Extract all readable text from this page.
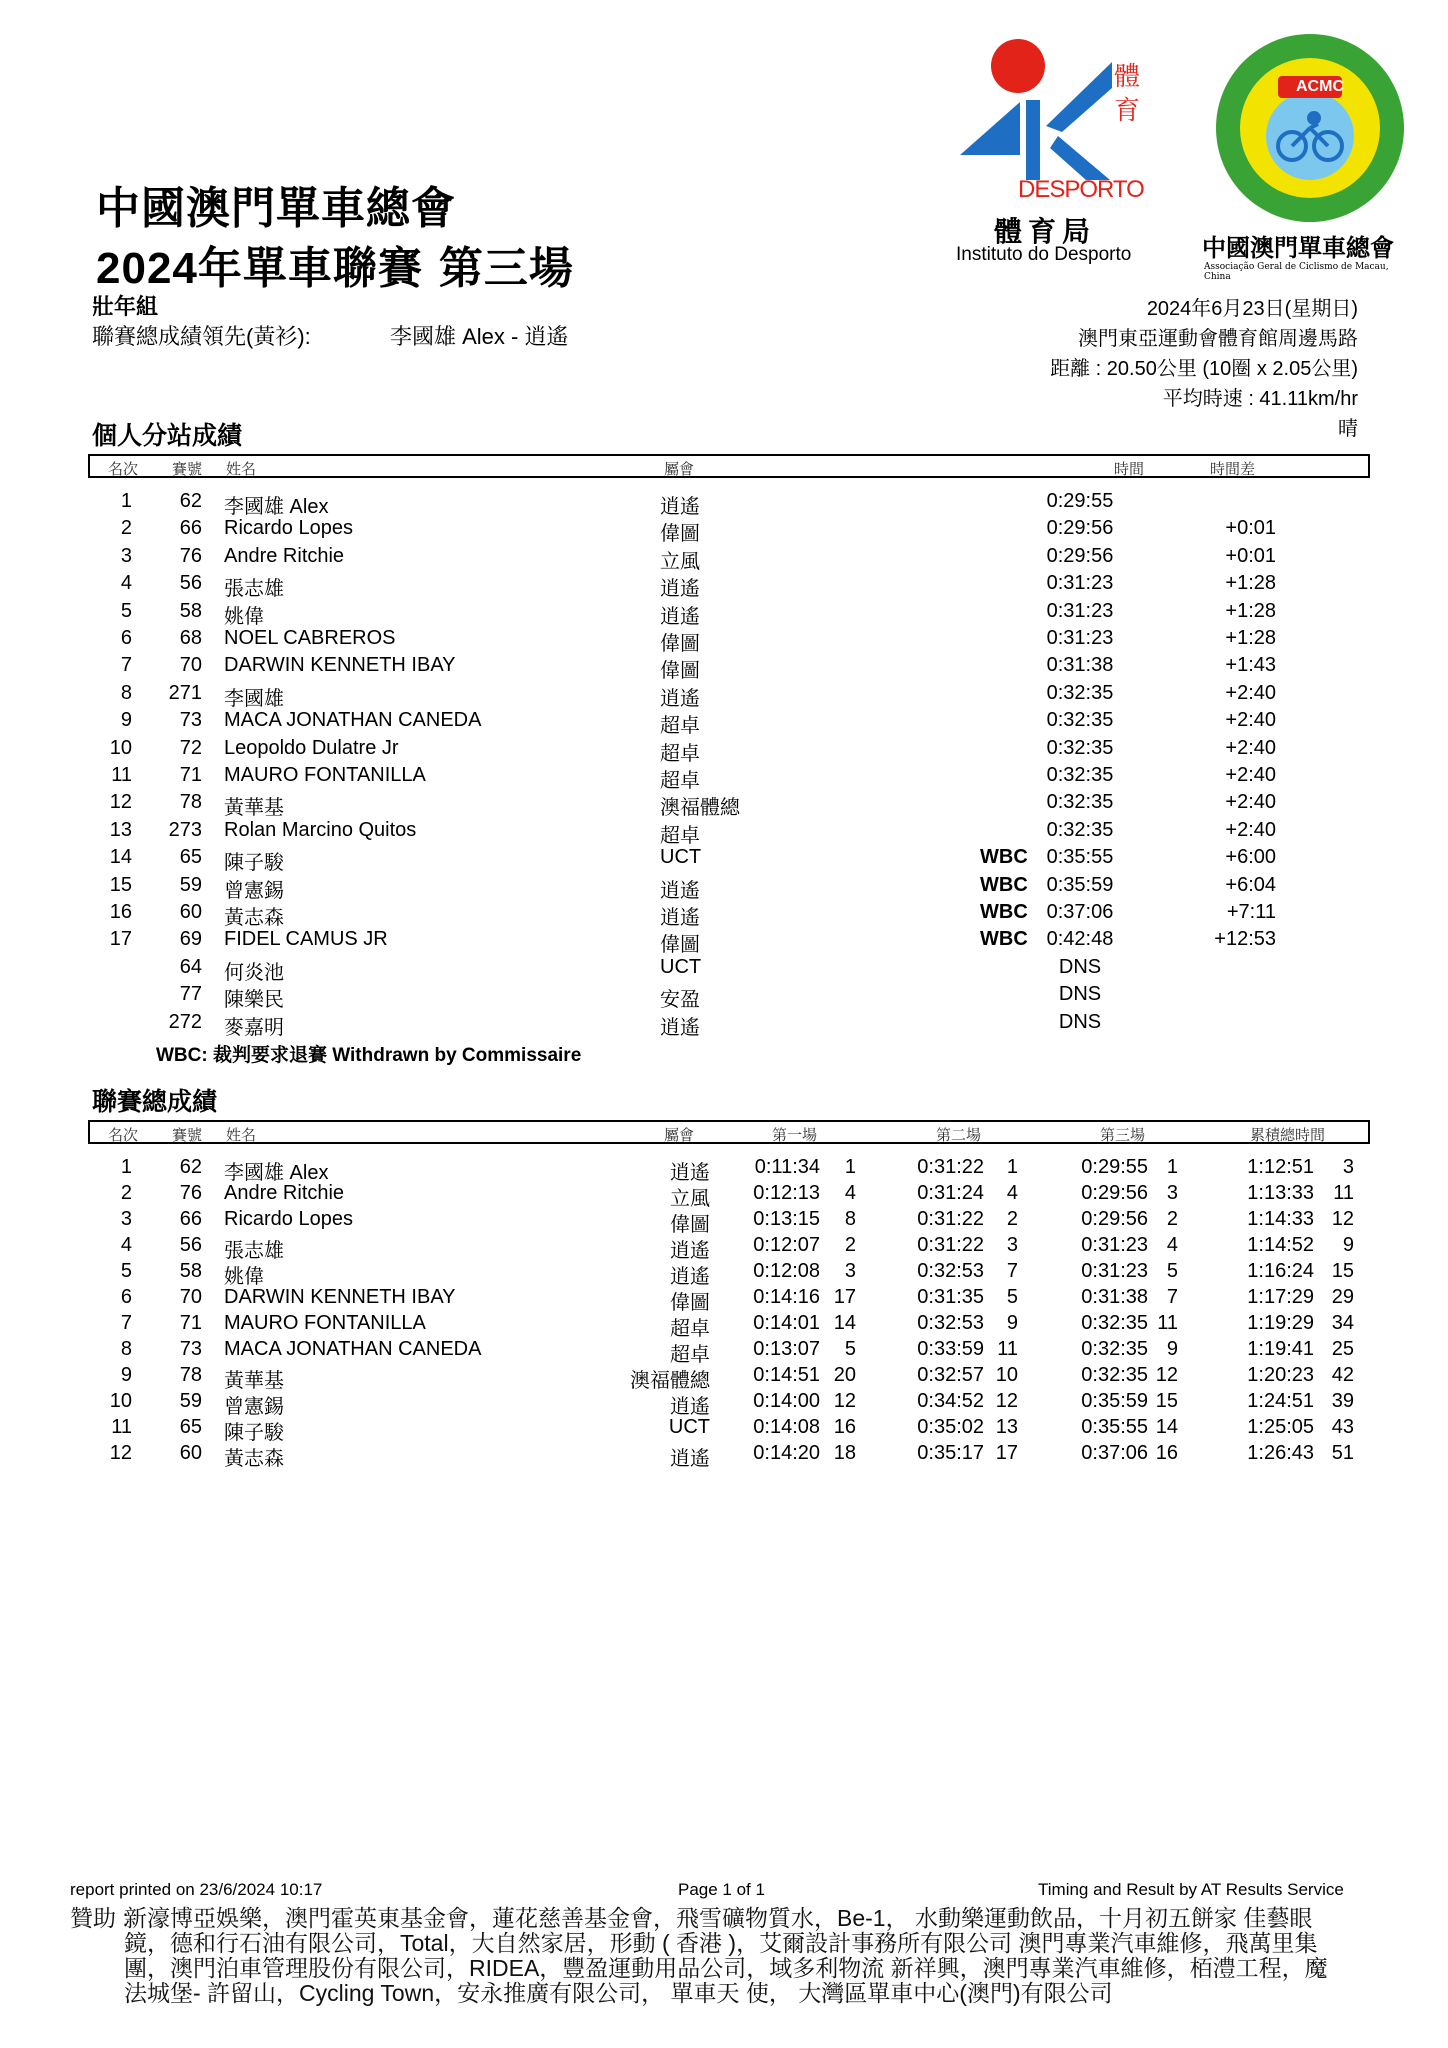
體
育
DESPORTO
體育局
Instituto do Desporto
ACMC
中國澳門單車總會
Associação Geral de Ciclismo de Macau, China
中國澳門單車總會
2024年單車聯賽 第三場
壯年組
聯賽總成績領先(黃衫):	李國雄 Alex - 逍遙
2024年6月23日(星期日)
澳門東亞運動會體育館周邊馬路
距離 : 20.50公里 (10圈 x 2.05公里)
平均時速 : 41.11km/hr
晴
個人分站成績
名次 賽號 姓名	屬會	時間	時間差
1	62 李國雄 Alex	逍遙	0:29:55
2	66 Ricardo Lopes	偉圖	0:29:56	+0:01
3	76 Andre Ritchie	立風	0:29:56	+0:01
4	56 張志雄	逍遙	0:31:23	+1:28
5	58 姚偉	逍遙	0:31:23	+1:28
6	68 NOEL CABREROS	偉圖	0:31:23	+1:28
7	70 DARWIN KENNETH IBAY	偉圖	0:31:38	+1:43
8	271 李國雄	逍遙	0:32:35	+2:40
9	73 MACA JONATHAN CANEDA	超卓	0:32:35	+2:40
10	72 Leopoldo Dulatre Jr	超卓	0:32:35	+2:40
11	71 MAURO FONTANILLA	超卓	0:32:35	+2:40
12	78 黃華基	澳福體總	0:32:35	+2:40
13	273 Rolan Marcino Quitos	超卓	0:32:35	+2:40
14	65 陳子駿	UCT	WBC 0:35:55	+6:00
15	59 曾憲錫	逍遙	WBC 0:35:59	+6:04
16	60 黃志森	逍遙	WBC 0:37:06	+7:11
17	69 FIDEL CAMUS JR	偉圖	WBC 0:42:48	+12:53
64 何炎池	UCT	DNS
77 陳樂民	安盈	DNS
272 麥嘉明	逍遙	DNS
WBC: 裁判要求退賽 Withdrawn by Commissaire
聯賽總成績
名次 賽號 姓名	屬會	第一場	第二場	第三場	累積總時間
1	62 李國雄 Alex	逍遙	0:11:34	1	0:31:22	1	0:29:55 1	1:12:51	3
2	76 Andre Ritchie	立風	0:12:13	4	0:31:24	4	0:29:56 3	1:13:33 11
3	66 Ricardo Lopes	偉圖	0:13:15	8	0:31:22	2	0:29:56 2	1:14:33 12
4	56 張志雄	逍遙	0:12:07	2	0:31:22	3	0:31:23 4	1:14:52	9
5	58 姚偉	逍遙	0:12:08	3	0:32:53	7	0:31:23 5	1:16:24 15
6	70 DARWIN KENNETH IBAY	偉圖	0:14:16 17	0:31:35	5	0:31:38 7	1:17:29 29
7	71 MAURO FONTANILLA	超卓	0:14:01 14	0:32:53	9	0:32:35 11	1:19:29 34
8	73 MACA JONATHAN CANEDA	超卓	0:13:07	5	0:33:59 11	0:32:35 9	1:19:41 25
9	78 黃華基	澳福體總	0:14:51 20	0:32:57 10	0:32:35 12	1:20:23 42
10	59 曾憲錫	逍遙	0:14:00 12	0:34:52 12	0:35:59 15	1:24:51 39
11	65 陳子駿	UCT	0:14:08 16	0:35:02 13	0:35:55 14	1:25:05 43
12	60 黃志森	逍遙	0:14:20 18	0:35:17 17	0:37:06 16	1:26:43 51
report printed on 23/6/2024 10:17	Page 1 of 1	Timing and Result by AT Results Service
贊助 :
新濠博亞娛樂，澳門霍英東基金會，蓮花慈善基金會，飛雪礦物質水，Be-1， 水動樂運動飲品，十月初五餅家 佳藝眼鏡，德和行石油有限公司，Total，大自然家居，形動 ( 香港 )，艾爾設計事務所有限公司 澳門專業汽車維修，飛萬里集團，澳門泊車管理股份有限公司，RIDEA，豐盈運動用品公司，域多利物流 新祥興，澳門專業汽車維修，栢澧工程，魔法城堡- 許留山，Cycling Town，安永推廣有限公司， 單車天 使， 大灣區單車中心(澳門)有限公司
